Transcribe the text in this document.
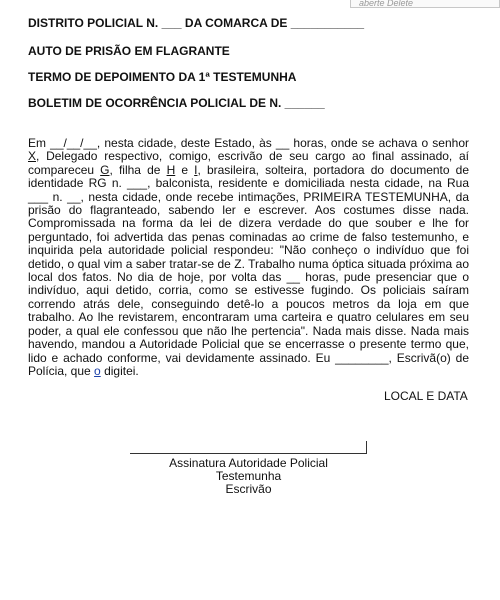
aberte Delete
DISTRITO POLICIAL N. ___ DA COMARCA DE ___________
AUTO DE PRISÃO EM FLAGRANTE
TERMO DE DEPOIMENTO DA 1ª TESTEMUNHA
BOLETIM DE OCORRÊNCIA POLICIAL DE N. ______

Em __/__/__, nesta cidade, deste Estado, às __ horas, onde se achava o senhor X, Delegado respectivo, comigo, escrivão de seu cargo ao final assinado, aí compareceu G, filha de H e I, brasileira, solteira, portadora do documento de identidade RG n. ___, balconista, residente e domiciliada nesta cidade, na Rua ___ n. __, nesta cidade, onde recebe intimações, PRIMEIRA TESTEMUNHA, da prisão do flagranteado, sabendo ler e escrever. Aos costumes disse nada. Compromissada na forma da lei de dizera verdade do que souber e lhe for perguntado, foi advertida das penas cominadas ao crime de falso testemunho, e inquirida pela autoridade policial respondeu: "Não conheço o indivíduo que foi detido, o qual vim a saber tratar-se de Z. Trabalho numa óptica situada próxima ao local dos fatos. No dia de hoje, por volta das __ horas, pude presenciar que o indivíduo, aqui detido, corria, como se estivesse fugindo. Os policiais saíram correndo atrás dele, conseguindo detê-lo a poucos metros da loja em que trabalho. Ao lhe revistarem, encontraram uma carteira e quatro celulares em seu poder, a qual ele confessou que não lhe pertencia". Nada mais disse. Nada mais havendo, mandou a Autoridade Policial que se encerrasse o presente termo que, lido e achado conforme, vai devidamente assinado. Eu ________, Escrivã(o) de Polícia, que o digitei.

LOCAL E DATA
Assinatura Autoridade Policial
Testemunha
Escrivão
